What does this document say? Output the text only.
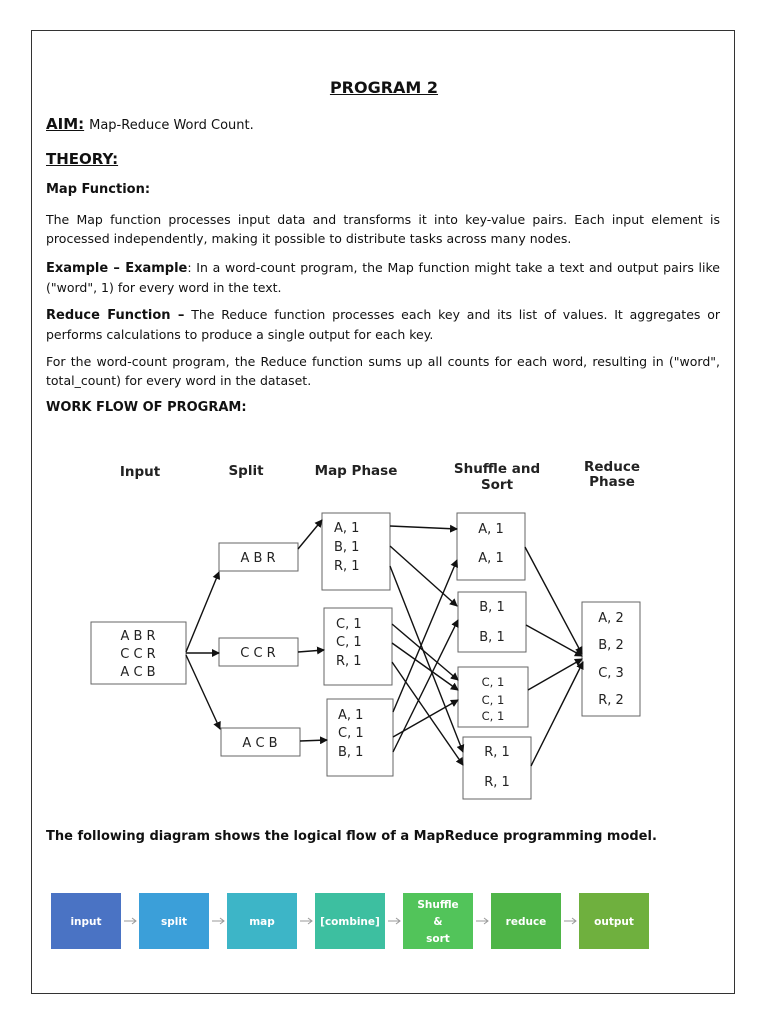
PROGRAM 2
AIM: Map-Reduce Word Count.
THEORY:
Map Function:
The Map function processes input data and transforms it into key-value pairs. Each input element is processed independently, making it possible to distribute tasks across many nodes.
Example – Example: In a word-count program, the Map function might take a text and output pairs like ("word", 1) for every word in the text.
Reduce Function – The Reduce function processes each key and its list of values. It aggregates or performs calculations to produce a single output for each key.
For the word-count program, the Reduce function sums up all counts for each word, resulting in ("word", total_count) for every word in the dataset.
WORK FLOW OF PROGRAM:
Input	Split	Map Phase	Shuffle and
Sort
Reduce
Phase
A B R
C C R
A C B
A B R
C C R
A C B
A, 1
B, 1
R, 1
C, 1
C, 1
R, 1
A, 1
C, 1
B, 1
A, 1
A, 1
B, 1
B, 1
C, 1
C, 1
C, 1
R, 1
R, 1
A, 2
B, 2
C, 3
R, 2
The following diagram shows the logical flow of a MapReduce programming model.
input	split	map	[combine]
Shuffle
&
sort
reduce	output
